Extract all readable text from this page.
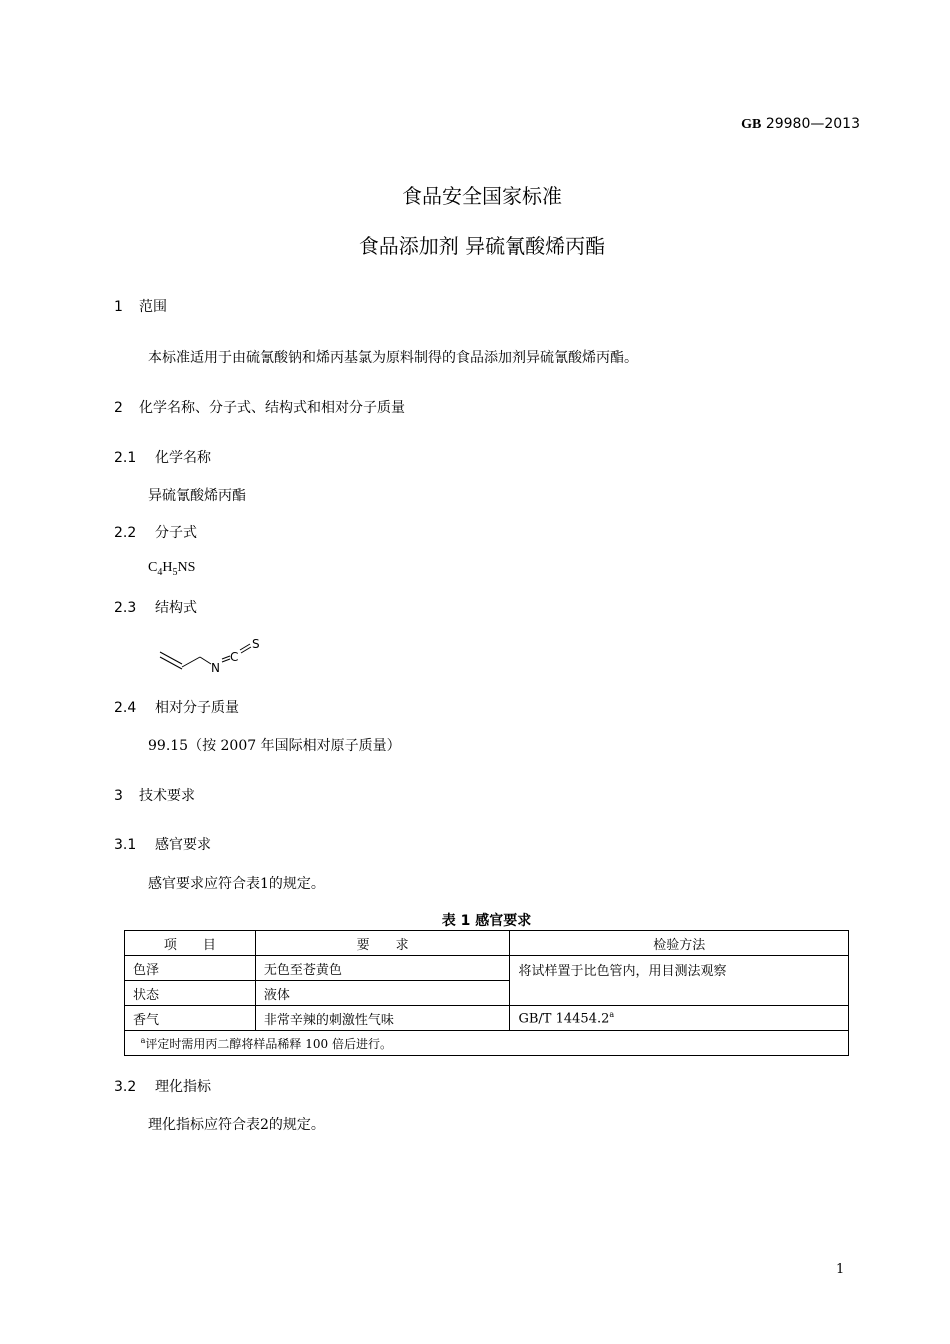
GB 29980—2013
食品安全国家标准
食品添加剂 异硫氰酸烯丙酯
1 范围
本标准适用于由硫氰酸钠和烯丙基氯为原料制得的食品添加剂异硫氰酸烯丙酯。
2 化学名称、分子式、结构式和相对分子质量
2.1 化学名称
异硫氰酸烯丙酯
2.2 分子式
$C_4H_5NS$
2.3 结构式
N
C
S
2.4 相对分子质量
99.15（按 2007 年国际相对原子质量）
3 技术要求
3.1 感官要求
感官要求应符合表1的规定。
表 1 感官要求
项　　目	要　　求	检验方法
色泽	无色至苍黄色	将试样置于比色管内，用目测法观察
状态	液体	
香气	非常辛辣的刺激性气味	GB/T 14454.2$^a$
$^a$评定时需用丙二醇将样品稀释 100 倍后进行。		
3.2 理化指标
理化指标应符合表2的规定。
1
